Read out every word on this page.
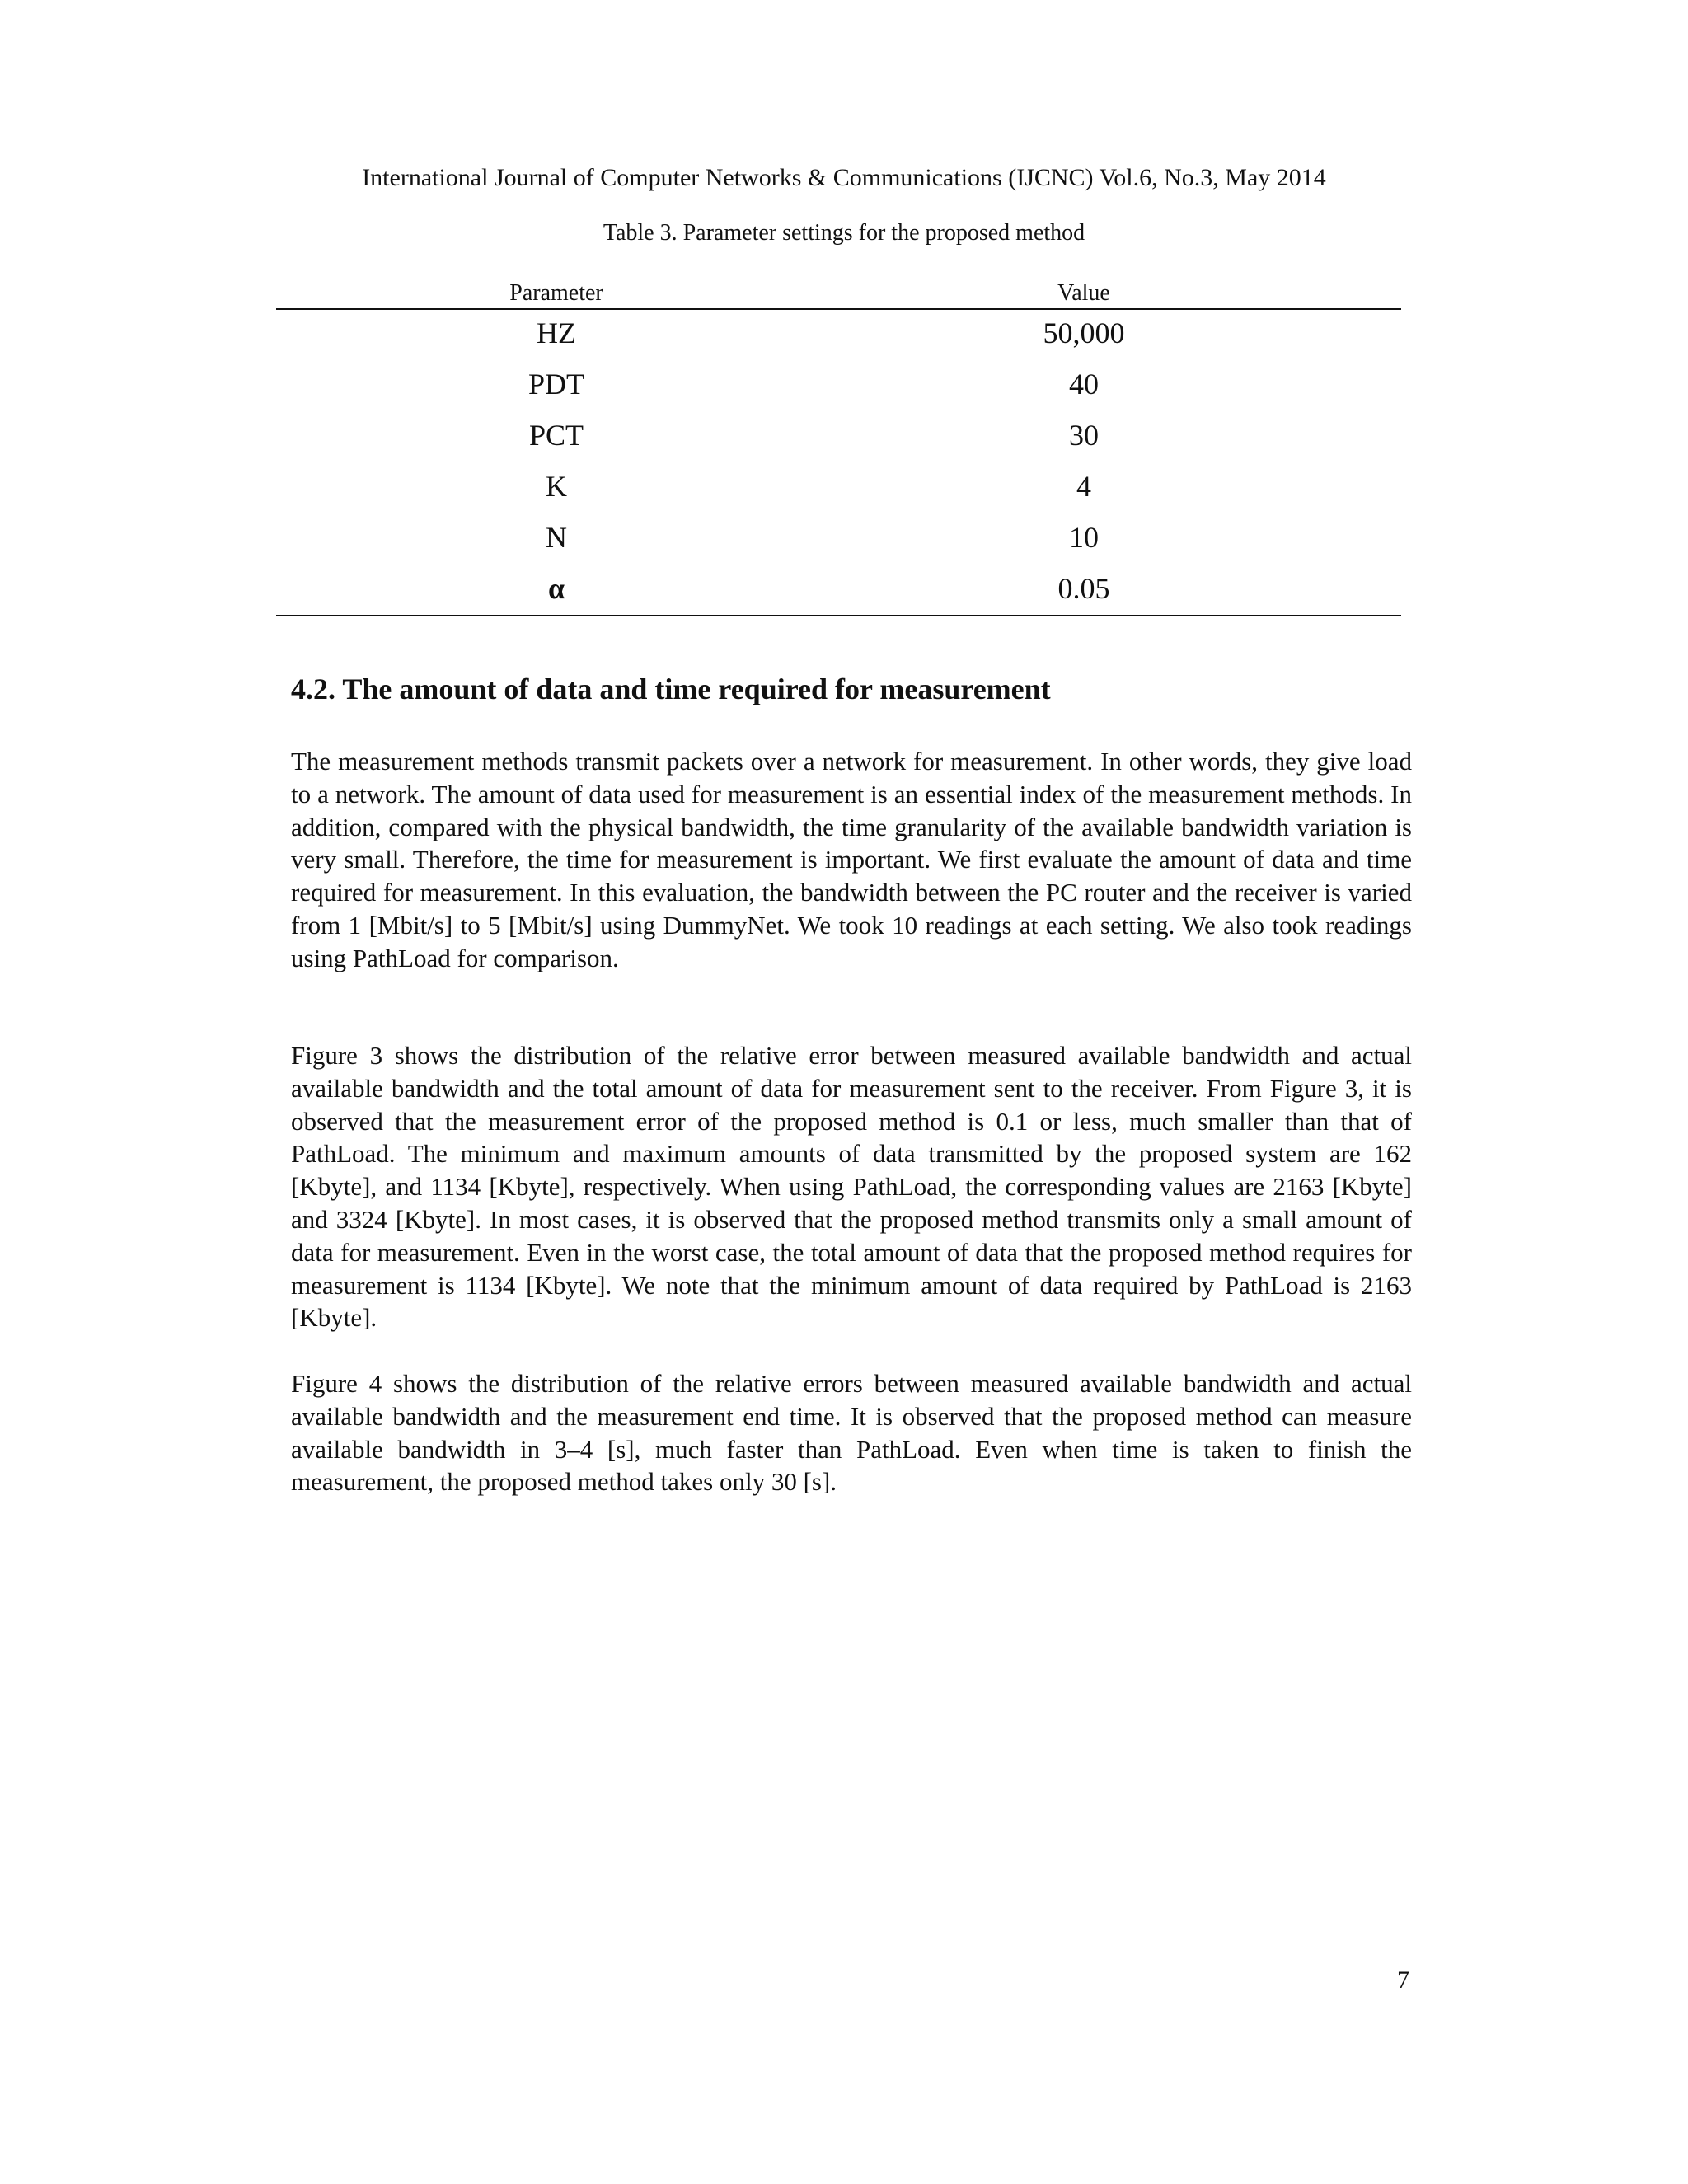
International Journal of Computer Networks & Communications (IJCNC) Vol.6, No.3, May 2014
Table 3. Parameter settings for the proposed method
Parameter	Value
HZ	50,000
PDT	40
PCT	30
K	4
N	10
α	0.05
4.2. The amount of data and time required for measurement

The measurement methods transmit packets over a network for measurement. In other words, they give load to a network. The amount of data used for measurement is an essential index of the measurement methods. In addition, compared with the physical bandwidth, the time granularity of the available bandwidth variation is very small. Therefore, the time for measurement is important. We first evaluate the amount of data and time required for measurement. In this evaluation, the bandwidth between the PC router and the receiver is varied from 1 [Mbit/s] to 5 [Mbit/s] using DummyNet. We took 10 readings at each setting. We also took readings using PathLoad for comparison.

Figure 3 shows the distribution of the relative error between measured available bandwidth and actual available bandwidth and the total amount of data for measurement sent to the receiver. From Figure 3, it is observed that the measurement error of the proposed method is 0.1 or less, much smaller than that of PathLoad. The minimum and maximum amounts of data transmitted by the proposed system are 162 [Kbyte], and 1134 [Kbyte], respectively. When using PathLoad, the corresponding values are 2163 [Kbyte] and 3324 [Kbyte]. In most cases, it is observed that the proposed method transmits only a small amount of data for measurement. Even in the worst case, the total amount of data that the proposed method requires for measurement is 1134 [Kbyte]. We note that the minimum amount of data required by PathLoad is 2163 [Kbyte].

Figure 4 shows the distribution of the relative errors between measured available bandwidth and actual available bandwidth and the measurement end time. It is observed that the proposed method can measure available bandwidth in 3–4 [s], much faster than PathLoad. Even when time is taken to finish the measurement, the proposed method takes only 30 [s].

7
